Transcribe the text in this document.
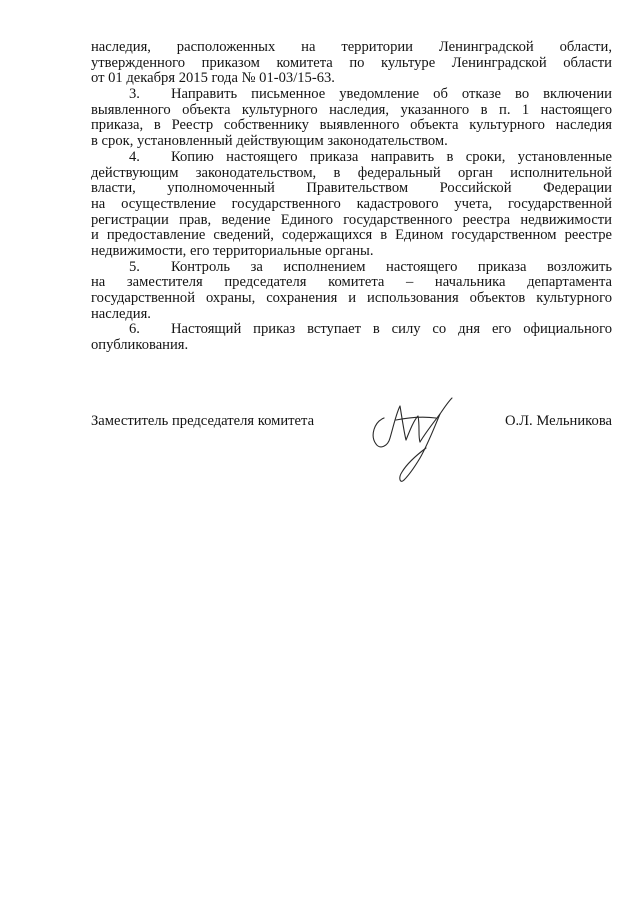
наследия, расположенных на территории Ленинградской области,
утвержденного приказом комитета по культуре Ленинградской области
от 01 декабря 2015 года № 01-03/15-63.

3. Направить письменное уведомление об отказе во включении
выявленного объекта культурного наследия, указанного в п. 1 настоящего
приказа, в Реестр собственнику выявленного объекта культурного наследия
в срок, установленный действующим законодательством.

4. Копию настоящего приказа направить в сроки, установленные
действующим законодательством, в федеральный орган исполнительной
власти, уполномоченный Правительством Российской Федерации
на осуществление государственного кадастрового учета, государственной
регистрации прав, ведение Единого государственного реестра недвижимости
и предоставление сведений, содержащихся в Едином государственном реестре
недвижимости, его территориальные органы.

5. Контроль за исполнением настоящего приказа возложить
на заместителя председателя комитета – начальника департамента
государственной охраны, сохранения и использования объектов культурного
наследия.

6. Настоящий приказ вступает в силу со дня его официального
опубликования.

Заместитель председателя комитета	О.Л. Мельникова
